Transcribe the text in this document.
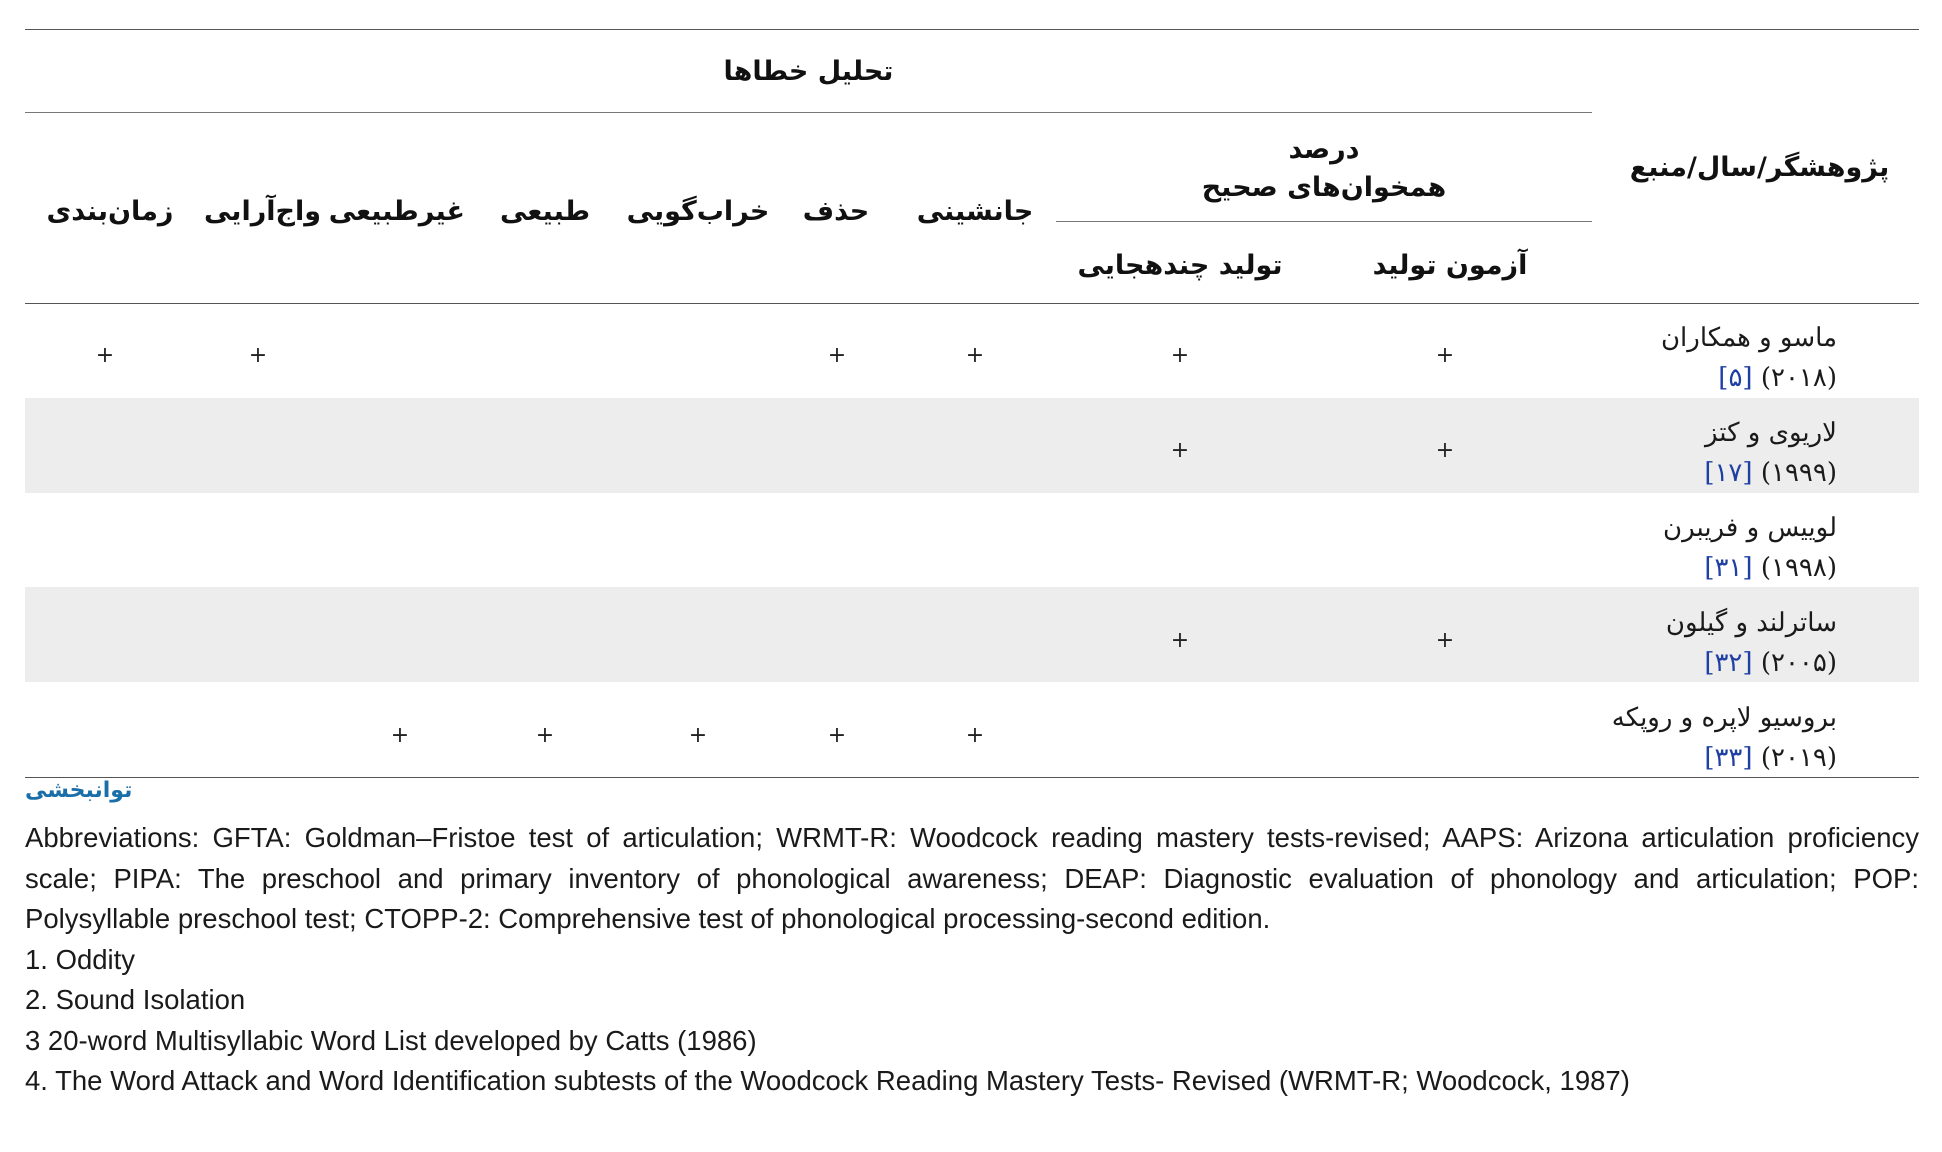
پژوهشگر/سال/منبع
تحلیل خطاها
درصد
همخوان‌های صحیح
آزمون تولید
تولید چندهجایی
جانشینی
حذف
خراب‌گویی
طبیعی
غیرطبیعی
واج‌آرایی
زمان‌بندی
ماسو و همکاران
(۲۰۱۸) [۵]
لاریوی و کتز
(۱۹۹۹) [۱۷]
لوییس و فریبرن
(۱۹۹۸) [۳۱]
ساترلند و گیلون
(۲۰۰۵) [۳۲]
بروسیو لاپره و روپکه
(۲۰۱۹) [۳۳]
+
+
+
+
+
+
+
+
+
+
+
+
+
+
+
توانبخشی

Abbreviations: GFTA: Goldman–Fristoe test of articulation; WRMT-R: Woodcock reading mastery tests-revised; AAPS: Arizona articulation proficiency scale; PIPA: The preschool and primary inventory of phonological awareness; DEAP: Diagnostic evaluation of phonology and articulation; POP: Polysyllable preschool test; CTOPP-2: Comprehensive test of phonological processing-second edition.

1. Oddity

2. Sound Isolation

3 20-word Multisyllabic Word List developed by Catts (1986)

4. The Word Attack and Word Identification subtests of the Woodcock Reading Mastery Tests- Revised (WRMT-R; Woodcock, 1987)
